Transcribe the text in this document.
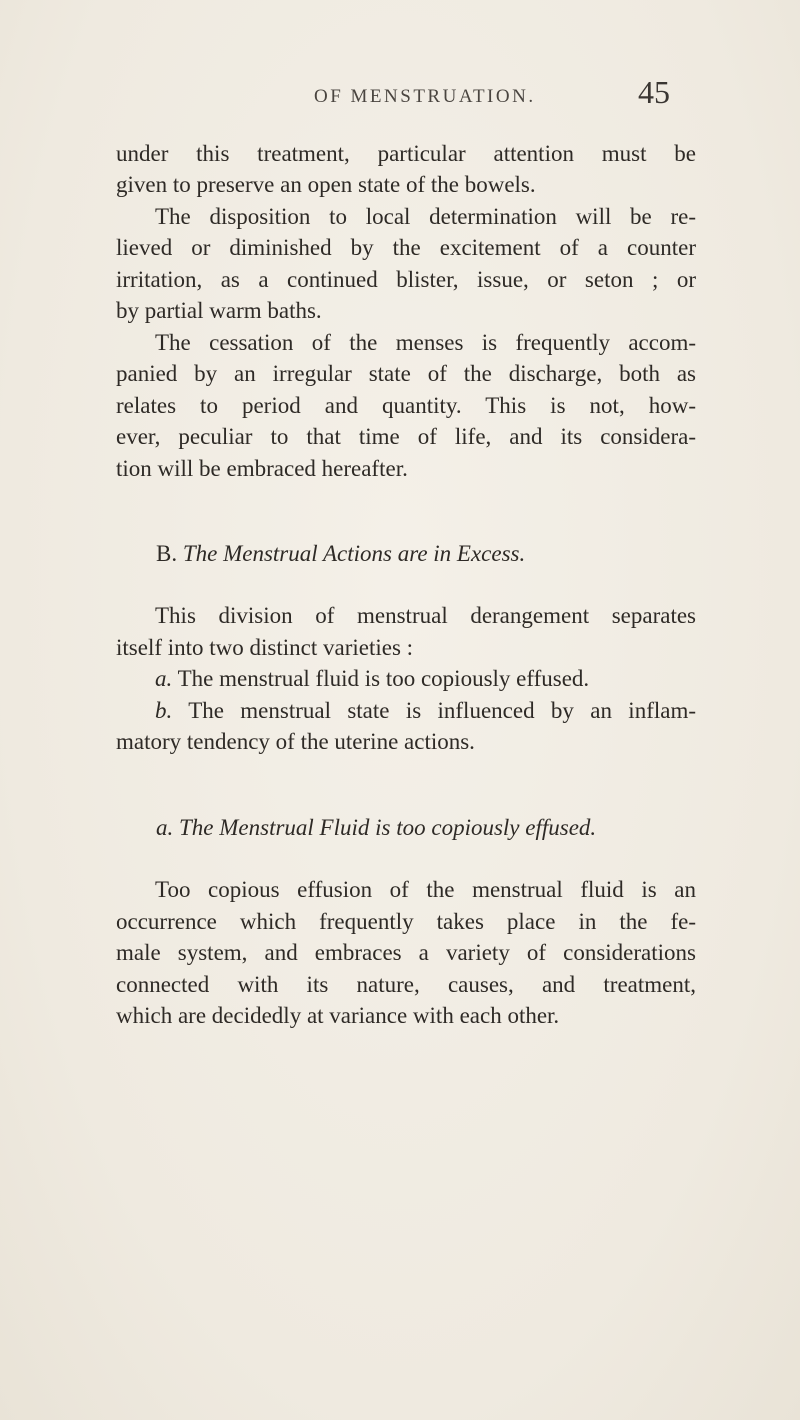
OF MENSTRUATION.	45

under this treatment, particular attention must be

given to preserve an open state of the bowels.

The disposition to local determination will be re-

lieved or diminished by the excitement of a counter

irritation, as a continued blister, issue, or seton ; or

by partial warm baths.

The cessation of the menses is frequently accom-

panied by an irregular state of the discharge, both as

relates to period and quantity. This is not, how-

ever, peculiar to that time of life, and its considera-

tion will be embraced hereafter.

B. The Menstrual Actions are in Excess.

This division of menstrual derangement separates

itself into two distinct varieties :

a. The menstrual fluid is too copiously effused.

b. The menstrual state is influenced by an inflam-

matory tendency of the uterine actions.

a. The Menstrual Fluid is too copiously effused.

Too copious effusion of the menstrual fluid is an

occurrence which frequently takes place in the fe-

male system, and embraces a variety of considerations

connected with its nature, causes, and treatment,

which are decidedly at variance with each other.
